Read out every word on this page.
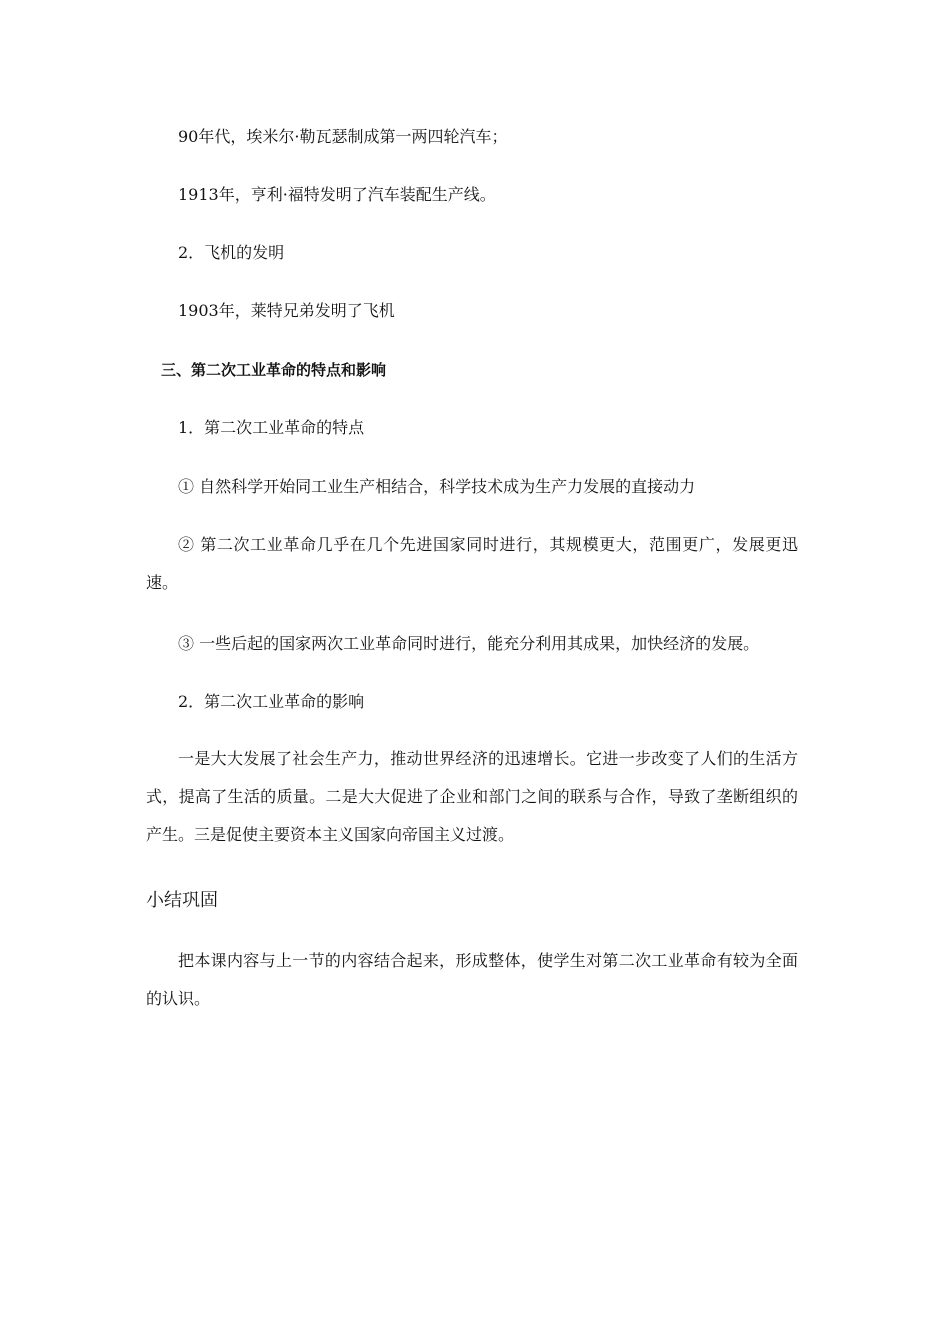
90年代，埃米尔·勒瓦瑟制成第一两四轮汽车；

1913年，亨利·福特发明了汽车装配生产线。

2．飞机的发明

1903年，莱特兄弟发明了飞机

三、第二次工业革命的特点和影响

1．第二次工业革命的特点

① 自然科学开始同工业生产相结合，科学技术成为生产力发展的直接动力

② 第二次工业革命几乎在几个先进国家同时进行，其规模更大，范围更广，发展更迅速。

③ 一些后起的国家两次工业革命同时进行，能充分利用其成果，加快经济的发展。

2．第二次工业革命的影响

一是大大发展了社会生产力，推动世界经济的迅速增长。它进一步改变了人们的生活方式，提高了生活的质量。二是大大促进了企业和部门之间的联系与合作，导致了垄断组织的产生。三是促使主要资本主义国家向帝国主义过渡。

小结巩固

把本课内容与上一节的内容结合起来，形成整体，使学生对第二次工业革命有较为全面的认识。
